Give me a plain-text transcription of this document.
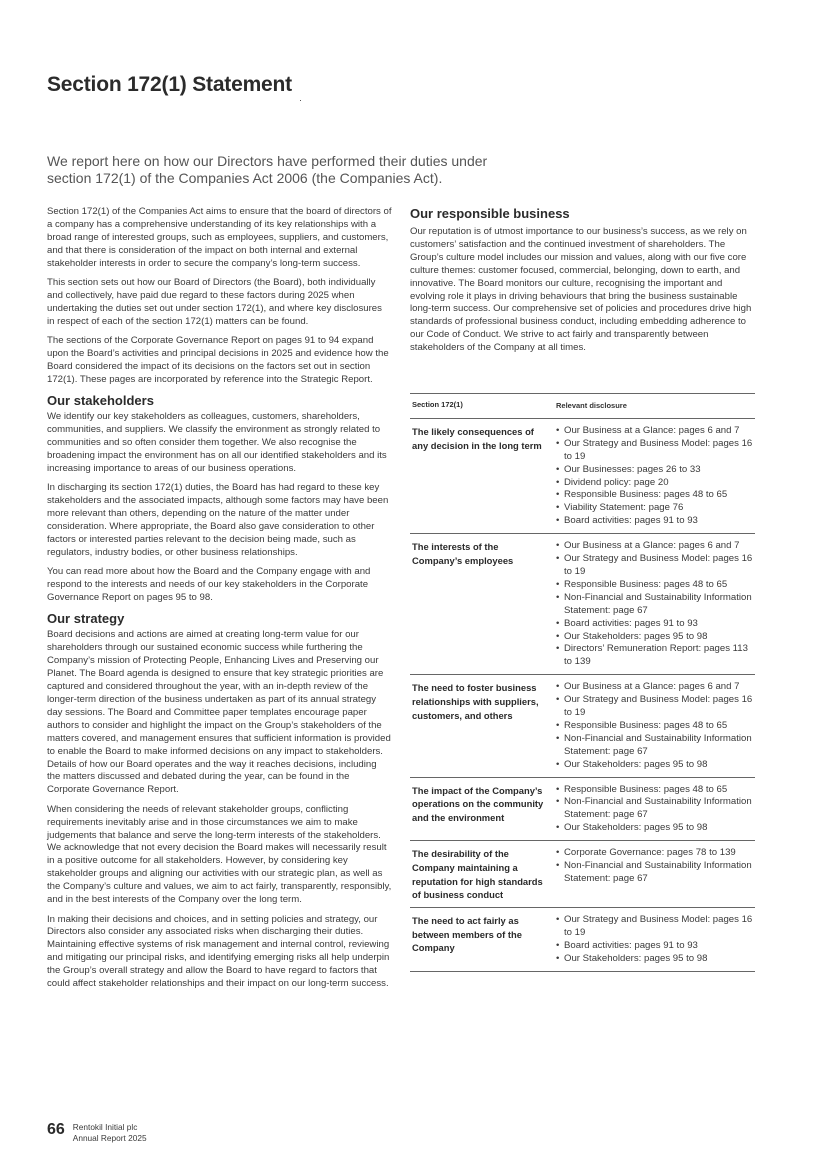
Section 172(1) Statement
We report here on how our Directors have performed their duties under section 172(1) of the Companies Act 2006 (the Companies Act).

Section 172(1) of the Companies Act aims to ensure that the board of directors of a company has a comprehensive understanding of its key relationships with a broad range of interested groups, such as employees, suppliers, and customers, and that there is consideration of the impact on both internal and external stakeholder interests in order to secure the company’s long-term success.

This section sets out how our Board of Directors (the Board), both individually and collectively, have paid due regard to these factors during 2025 when undertaking the duties set out under section 172(1), and where key disclosures in respect of each of the section 172(1) matters can be found.

The sections of the Corporate Governance Report on pages 91 to 94 expand upon the Board’s activities and principal decisions in 2025 and evidence how the Board considered the impact of its decisions on the factors set out in section 172(1). These pages are incorporated by reference into the Strategic Report.

Our stakeholders

We identify our key stakeholders as colleagues, customers, shareholders, communities, and suppliers. We classify the environment as strongly related to communities and so often consider them together. We also recognise the broadening impact the environment has on all our identified stakeholders and its increasing importance to areas of our business operations.

In discharging its section 172(1) duties, the Board has had regard to these key stakeholders and the associated impacts, although some factors may have been more relevant than others, depending on the nature of the matter under consideration. Where appropriate, the Board also gave consideration to other factors or interested parties relevant to the decision being made, such as regulators, industry bodies, or other business relationships.

You can read more about how the Board and the Company engage with and respond to the interests and needs of our key stakeholders in the Corporate Governance Report on pages 95 to 98.

Our strategy

Board decisions and actions are aimed at creating long-term value for our shareholders through our sustained economic success while furthering the Company’s mission of Protecting People, Enhancing Lives and Preserving our Planet. The Board agenda is designed to ensure that key strategic priorities are captured and considered throughout the year, with an in-depth review of the longer-term direction of the business undertaken as part of its annual strategy day sessions. The Board and Committee paper templates encourage paper authors to consider and highlight the impact on the Group’s stakeholders of the matters covered, and management ensures that sufficient information is provided to enable the Board to make informed decisions on any impact to stakeholders. Details of how our Board operates and the way it reaches decisions, including the matters discussed and debated during the year, can be found in the Corporate Governance Report.

When considering the needs of relevant stakeholder groups, conflicting requirements inevitably arise and in those circumstances we aim to make judgements that balance and serve the long-term interests of the stakeholders. We acknowledge that not every decision the Board makes will necessarily result in a positive outcome for all stakeholders. However, by considering key stakeholder groups and aligning our activities with our strategic plan, as well as the Company’s culture and values, we aim to act fairly, transparently, responsibly, and in the best interests of the Company over the long term.

In making their decisions and choices, and in setting policies and strategy, our Directors also consider any associated risks when discharging their duties. Maintaining effective systems of risk management and internal control, reviewing and mitigating our principal risks, and identifying emerging risks all help underpin the Group’s overall strategy and allow the Board to have regard to factors that could affect stakeholder relationships and their impact on our long-term success.

Our responsible business

Our reputation is of utmost importance to our business’s success, as we rely on customers’ satisfaction and the continued investment of shareholders. The Group’s culture model includes our mission and values, along with our five core culture themes: customer focused, commercial, belonging, down to earth, and innovative. The Board monitors our culture, recognising the important and evolving role it plays in driving behaviours that bring the business sustainable long-term success. Our comprehensive set of policies and procedures drive high standards of professional business conduct, including embedding adherence to our Code of Conduct. We strive to act fairly and transparently between stakeholders of the Company at all times.

Section 172(1)	Relevant disclosure
The likely consequences of any decision in the long term
• Our Business at a Glance: pages 6 and 7
• Our Strategy and Business Model: pages 16 to 19
• Our Businesses: pages 26 to 33
• Dividend policy: page 20
• Responsible Business: pages 48 to 65
• Viability Statement: page 76
• Board activities: pages 91 to 93
The interests of the Company’s employees
• Our Business at a Glance: pages 6 and 7
• Our Strategy and Business Model: pages 16 to 19
• Responsible Business: pages 48 to 65
• Non-Financial and Sustainability Information Statement: page 67
• Board activities: pages 91 to 93
• Our Stakeholders: pages 95 to 98
• Directors’ Remuneration Report: pages 113 to 139
The need to foster business relationships with suppliers, customers, and others
• Our Business at a Glance: pages 6 and 7
• Our Strategy and Business Model: pages 16 to 19
• Responsible Business: pages 48 to 65
• Non-Financial and Sustainability Information Statement: page 67
• Our Stakeholders: pages 95 to 98
The impact of the Company’s operations on the community and the environment
• Responsible Business: pages 48 to 65
• Non-Financial and Sustainability Information Statement: page 67
• Our Stakeholders: pages 95 to 98
The desirability of the Company maintaining a reputation for high standards of business conduct
• Corporate Governance: pages 78 to 139
• Non-Financial and Sustainability Information Statement: page 67
The need to act fairly as between members of the Company
• Our Strategy and Business Model: pages 16 to 19
• Board activities: pages 91 to 93
• Our Stakeholders: pages 95 to 98
66 Rentokil Initial plc
Annual Report 2025
